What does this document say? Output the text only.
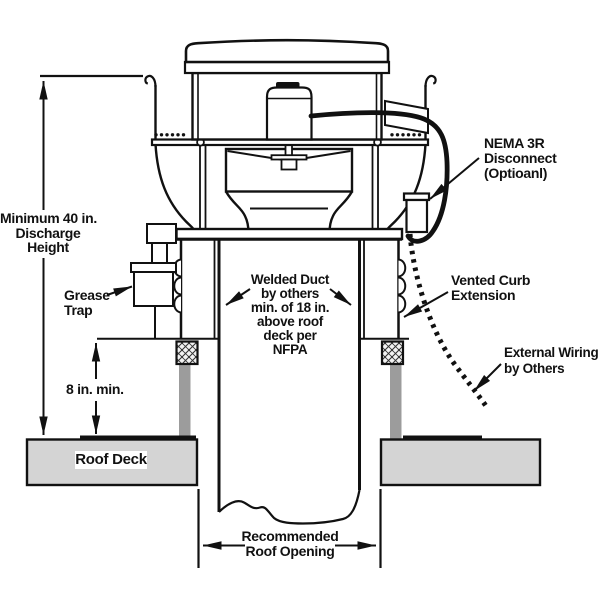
Minimum 40 in.
Discharge
Height
Grease
Trap
Welded Duct
by others
min. of 18 in.
above roof
deck per
NFPA
NEMA 3R
Disconnect
(Optioanl)
Vented Curb
Extension
External Wiring
by Others
8 in. min.
Roof Deck
Recommended
Roof Opening
